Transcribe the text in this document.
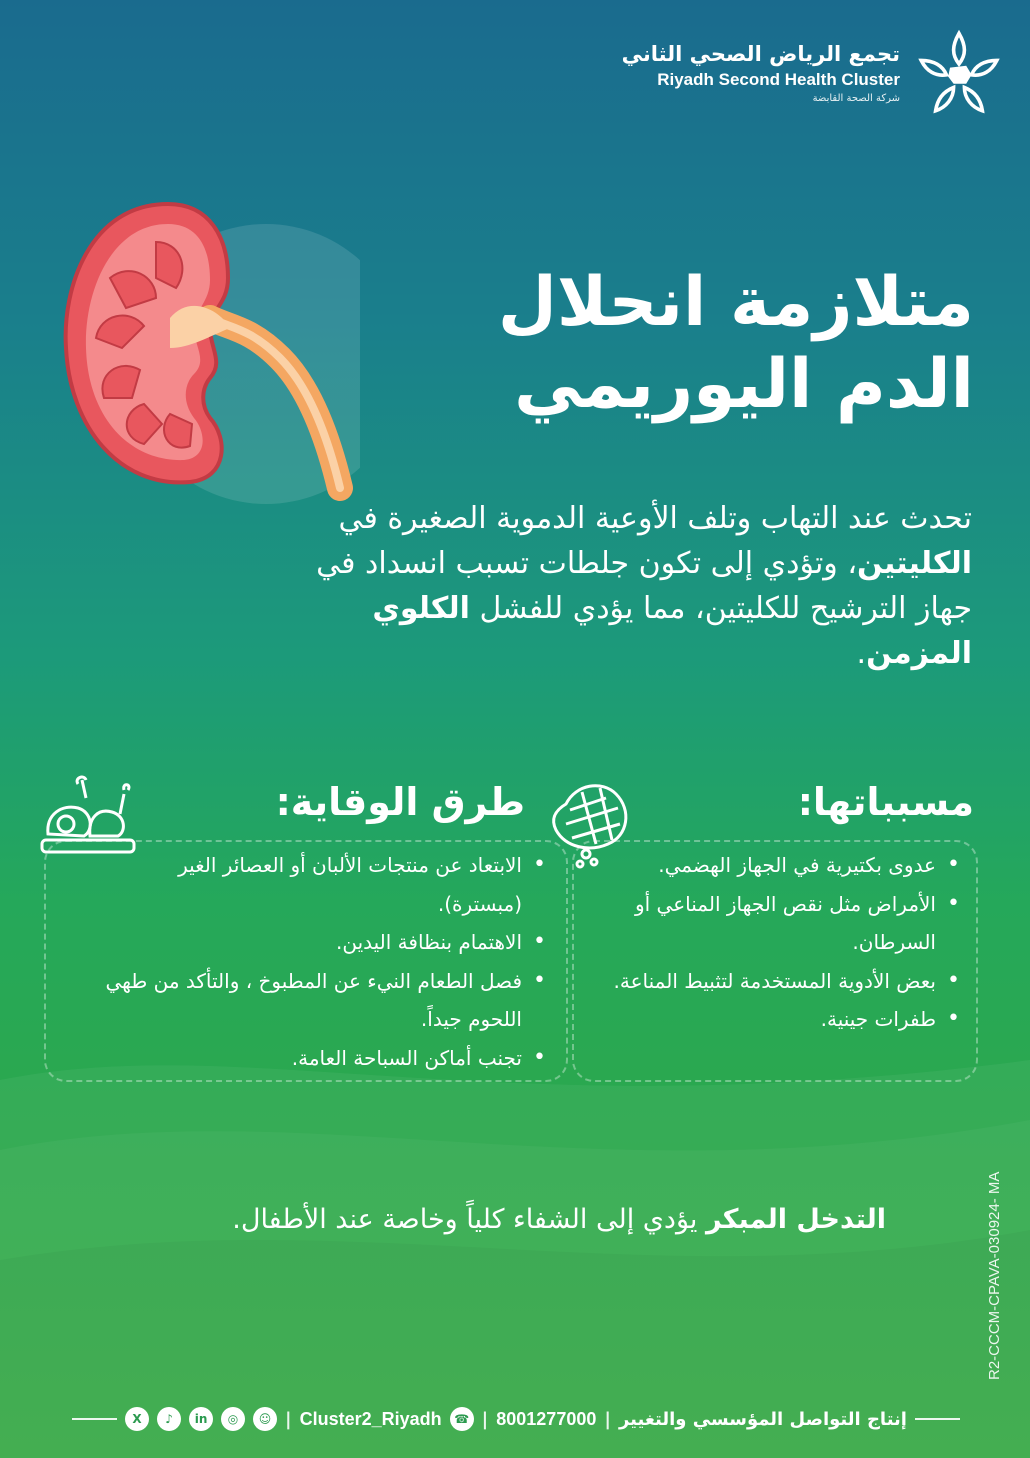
تجمع الرياض الصحي الثاني
Riyadh Second Health Cluster
شركة الصحة القابضة
متلازمة انحلال
الدم اليوريمي
تحدث عند التهاب وتلف الأوعية الدموية الصغيرة في الكليتين، وتؤدي إلى تكون جلطات تسبب انسداد في جهاز الترشيح للكليتين، مما يؤدي للفشل الكلوي المزمن.
مسبباتها:
• عدوى بكتيرية في الجهاز الهضمي.
• الأمراض مثل نقص الجهاز المناعي أو السرطان.
• بعض الأدوية المستخدمة لتثبيط المناعة.
• طفرات جينية.
طرق الوقاية:
• الابتعاد عن منتجات الألبان أو العصائر الغير (مبسترة).
• الاهتمام بنظافة اليدين.
• فصل الطعام النيء عن المطبوخ ، والتأكد من طهي اللحوم جيداً.
• تجنب أماكن السباحة العامة.
التدخل المبكر يؤدي إلى الشفاء كلياً وخاصة عند الأطفال.	R2-CCCM-CPAVA-030924- MA
X	♪	in	◎	☺ | Cluster2_Riyadh	☎ | 8001277000 | إنتاج التواصل المؤسسي والتغيير
